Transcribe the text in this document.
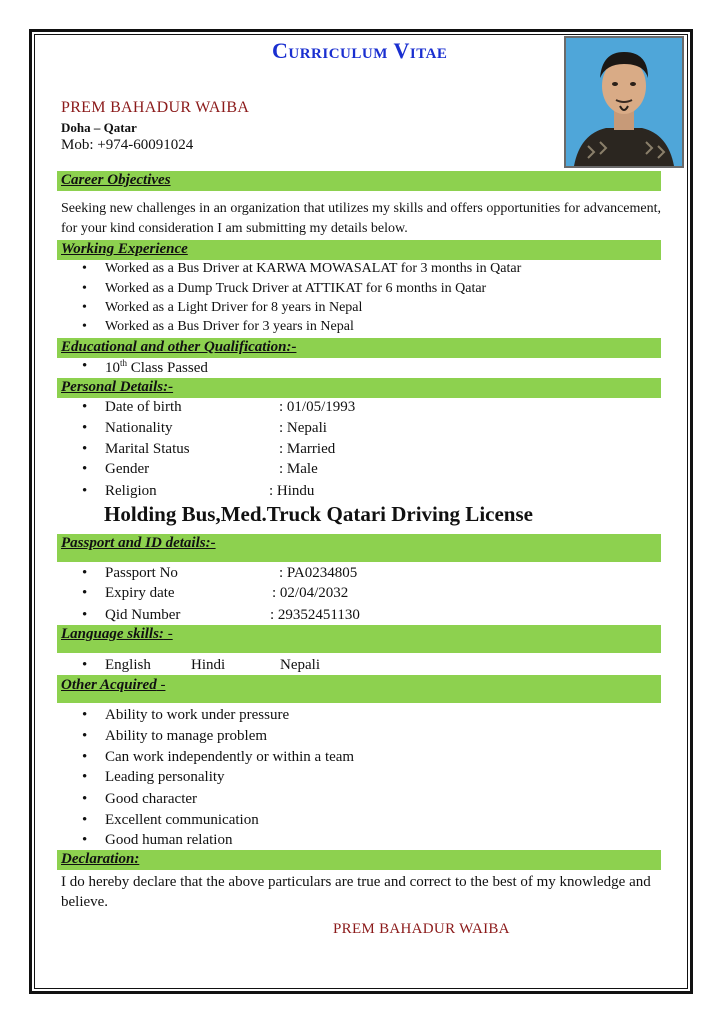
Curriculum Vitae
PREM BAHADUR WAIBA
Doha – Qatar
Mob: +974-60091024
Career Objectives
Seeking new challenges in an organization that utilizes my skills and offers opportunities for advancement, for your kind consideration I am submitting my details below.
Working Experience
Worked as a Bus Driver at KARWA MOWASALAT for 3 months in Qatar
Worked as a Dump Truck Driver at ATTIKAT for 6 months in Qatar
Worked as a Light Driver for 8 years in Nepal
Worked as a Bus Driver for 3 years in Nepal
Educational and other Qualification:-
10th Class Passed
Personal Details:-
Date of birth	: 01/05/1993
Nationality	: Nepali
Marital Status	: Married
Gender	: Male
Religion	: Hindu
Holding Bus,Med.Truck Qatari Driving License
Passport and ID details:-
Passport No	: PA0234805
Expiry date	: 02/04/2032
Qid Number	: 29352451130
Language skills: -
English	Hindi	Nepali
Other Acquired -
Ability to work under pressure
Ability to manage problem
Can work independently or within a team
Leading personality
Good character
Excellent communication
Good human relation
Declaration:
I do hereby declare that the above particulars are true and correct to the best of my knowledge and believe.
PREM BAHADUR WAIBA
